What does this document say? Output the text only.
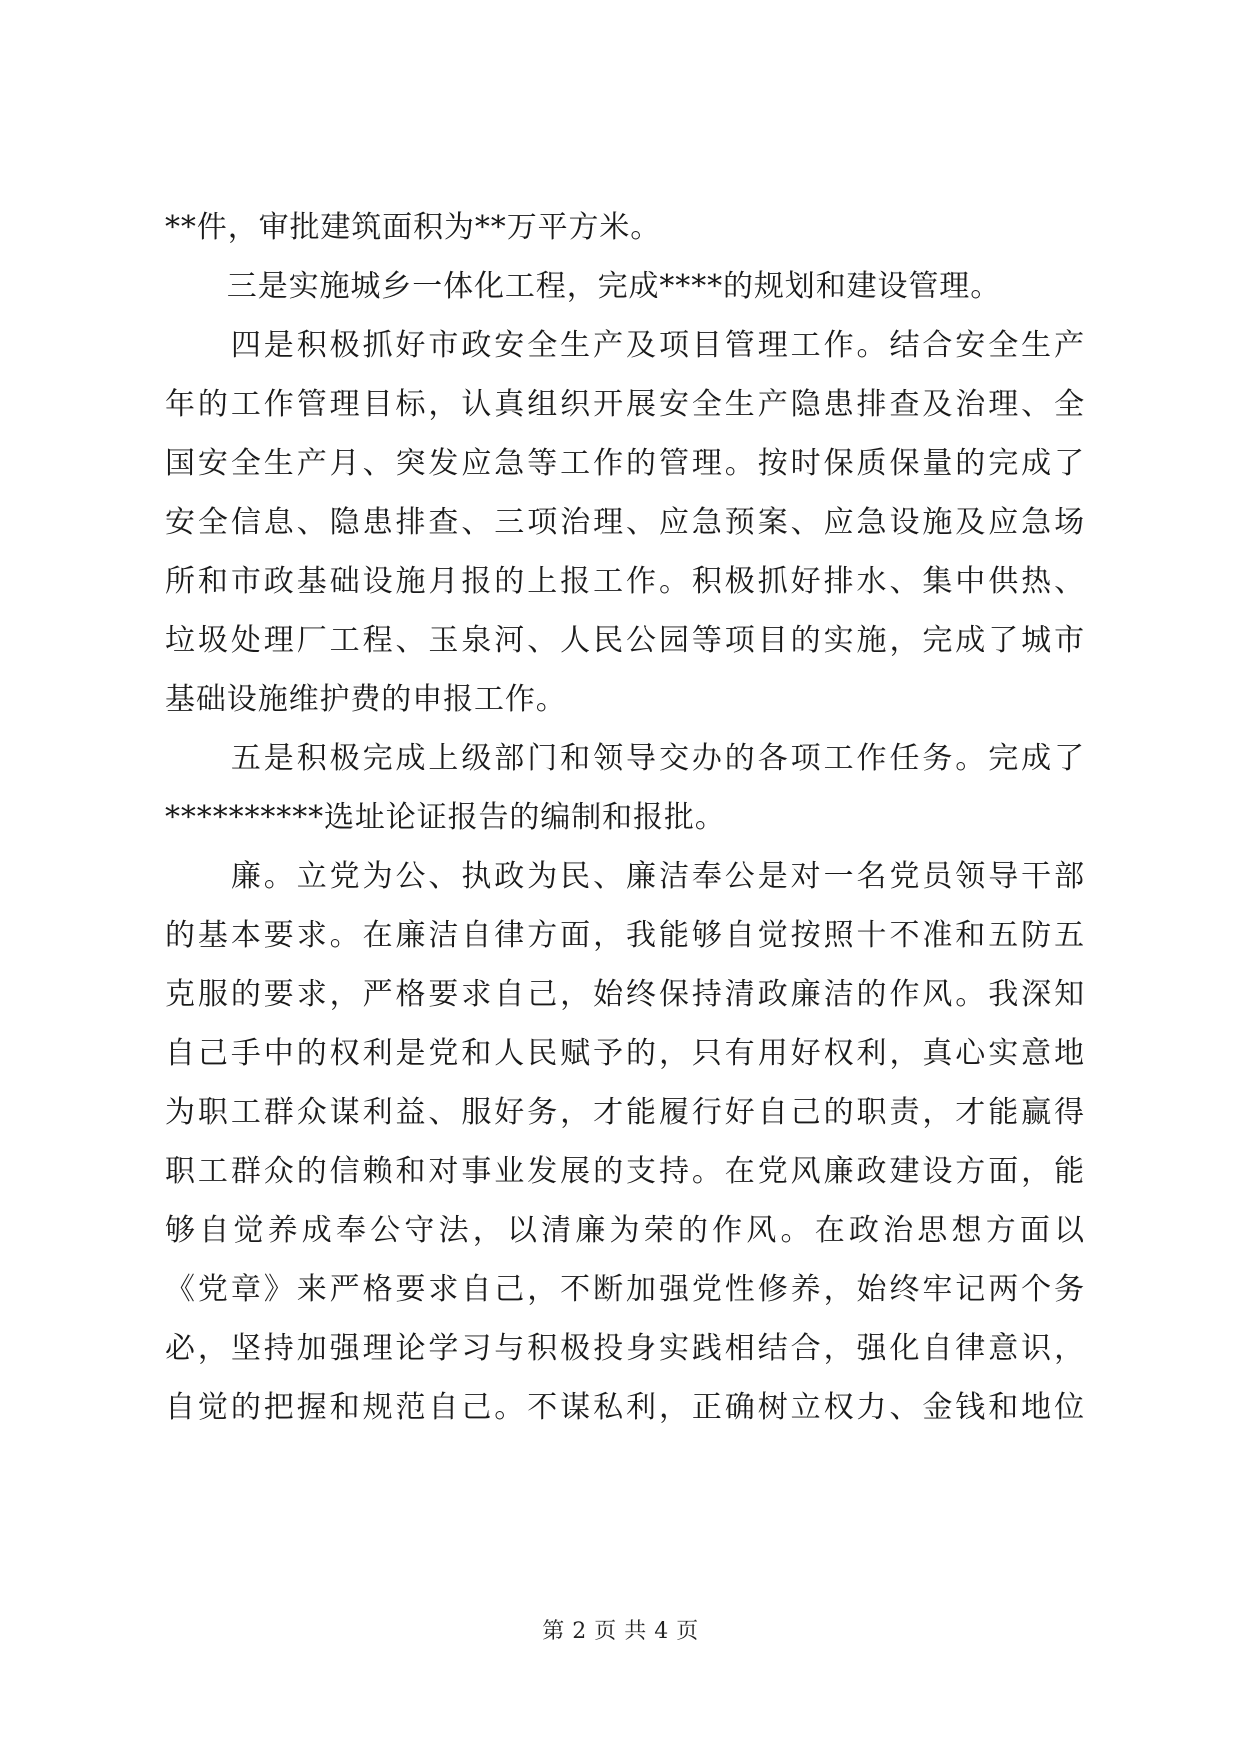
**件，审批建筑面积为**万平方米。
　　三是实施城乡一体化工程，完成****的规划和建设管理。
　　四是积极抓好市政安全生产及项目管理工作。结合安全生产
年的工作管理目标，认真组织开展安全生产隐患排查及治理、全
国安全生产月、突发应急等工作的管理。按时保质保量的完成了
安全信息、隐患排查、三项治理、应急预案、应急设施及应急场
所和市政基础设施月报的上报工作。积极抓好排水、集中供热、
垃圾处理厂工程、玉泉河、人民公园等项目的实施，完成了城市
基础设施维护费的申报工作。
　　五是积极完成上级部门和领导交办的各项工作任务。完成了
**********选址论证报告的编制和报批。
　　廉。立党为公、执政为民、廉洁奉公是对一名党员领导干部
的基本要求。在廉洁自律方面，我能够自觉按照十不准和五防五
克服的要求，严格要求自己，始终保持清政廉洁的作风。我深知
自己手中的权利是党和人民赋予的，只有用好权利，真心实意地
为职工群众谋利益、服好务，才能履行好自己的职责，才能赢得
职工群众的信赖和对事业发展的支持。在党风廉政建设方面，能
够自觉养成奉公守法，以清廉为荣的作风。在政治思想方面以
《党章》来严格要求自己，不断加强党性修养，始终牢记两个务
必，坚持加强理论学习与积极投身实践相结合，强化自律意识，
自觉的把握和规范自己。不谋私利，正确树立权力、金钱和地位
第 2 页 共 4 页
